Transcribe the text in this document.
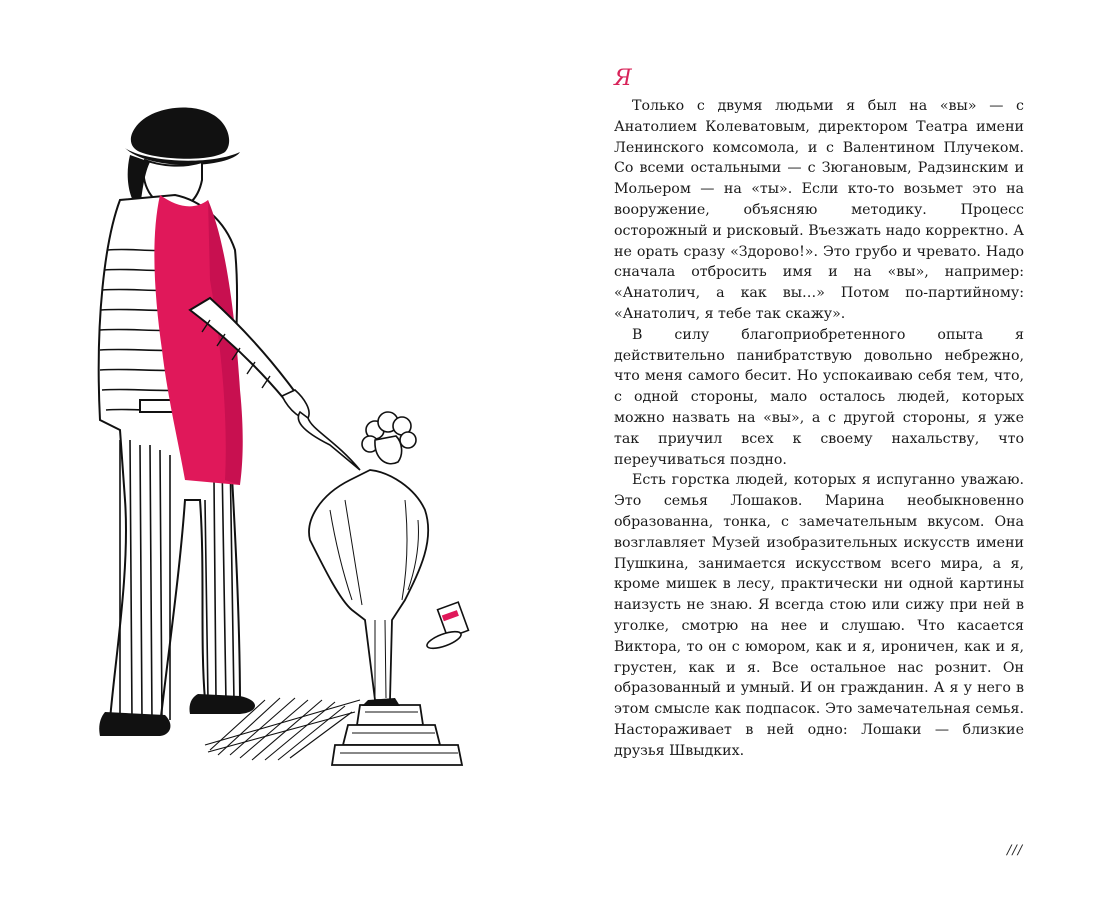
Я

Только с двумя людьми я был на «вы» — с Анатолием Колеватовым, директором Театра имени Ленинского комсомола, и с Валентином Плучеком. Со всеми остальными — с Зюгановым, Радзинским и Мольером — на «ты». Если кто-то возьмет это на вооружение, объясняю методику. Процесс осторожный и рисковый. Въезжать надо корректно. А не орать сразу «Здорово!». Это грубо и чревато. Надо сначала отбросить имя и на «вы», например: «Анатолич, а как вы…» Потом по-партийному: «Анатолич, я тебе так скажу».

В силу благоприобретенного опыта я действительно панибратствую довольно небрежно, что меня самого бесит. Но успокаиваю себя тем, что, с одной стороны, мало осталось людей, которых можно назвать на «вы», а с другой стороны, я уже так приучил всех к своему нахальству, что переучиваться поздно.

Есть горстка людей, которых я испуганно уважаю. Это семья Лошаков. Марина необыкновенно образованна, тонка, с замечательным вкусом. Она возглавляет Музей изобразительных искусств имени Пушкина, занимается искусством всего мира, а я, кроме мишек в лесу, практически ни одной картины наизусть не знаю. Я всегда стою или сижу при ней в уголке, смотрю на нее и слушаю. Что касается Виктора, то он с юмором, как и я, ироничен, как и я, грустен, как и я. Все остальное нас рознит. Он образованный и умный. И он гражданин. А я у него в этом смысле как подпасок. Это замечательная семья. Настораживает в ней одно: Лошаки — близкие друзья Швыдких.

///
